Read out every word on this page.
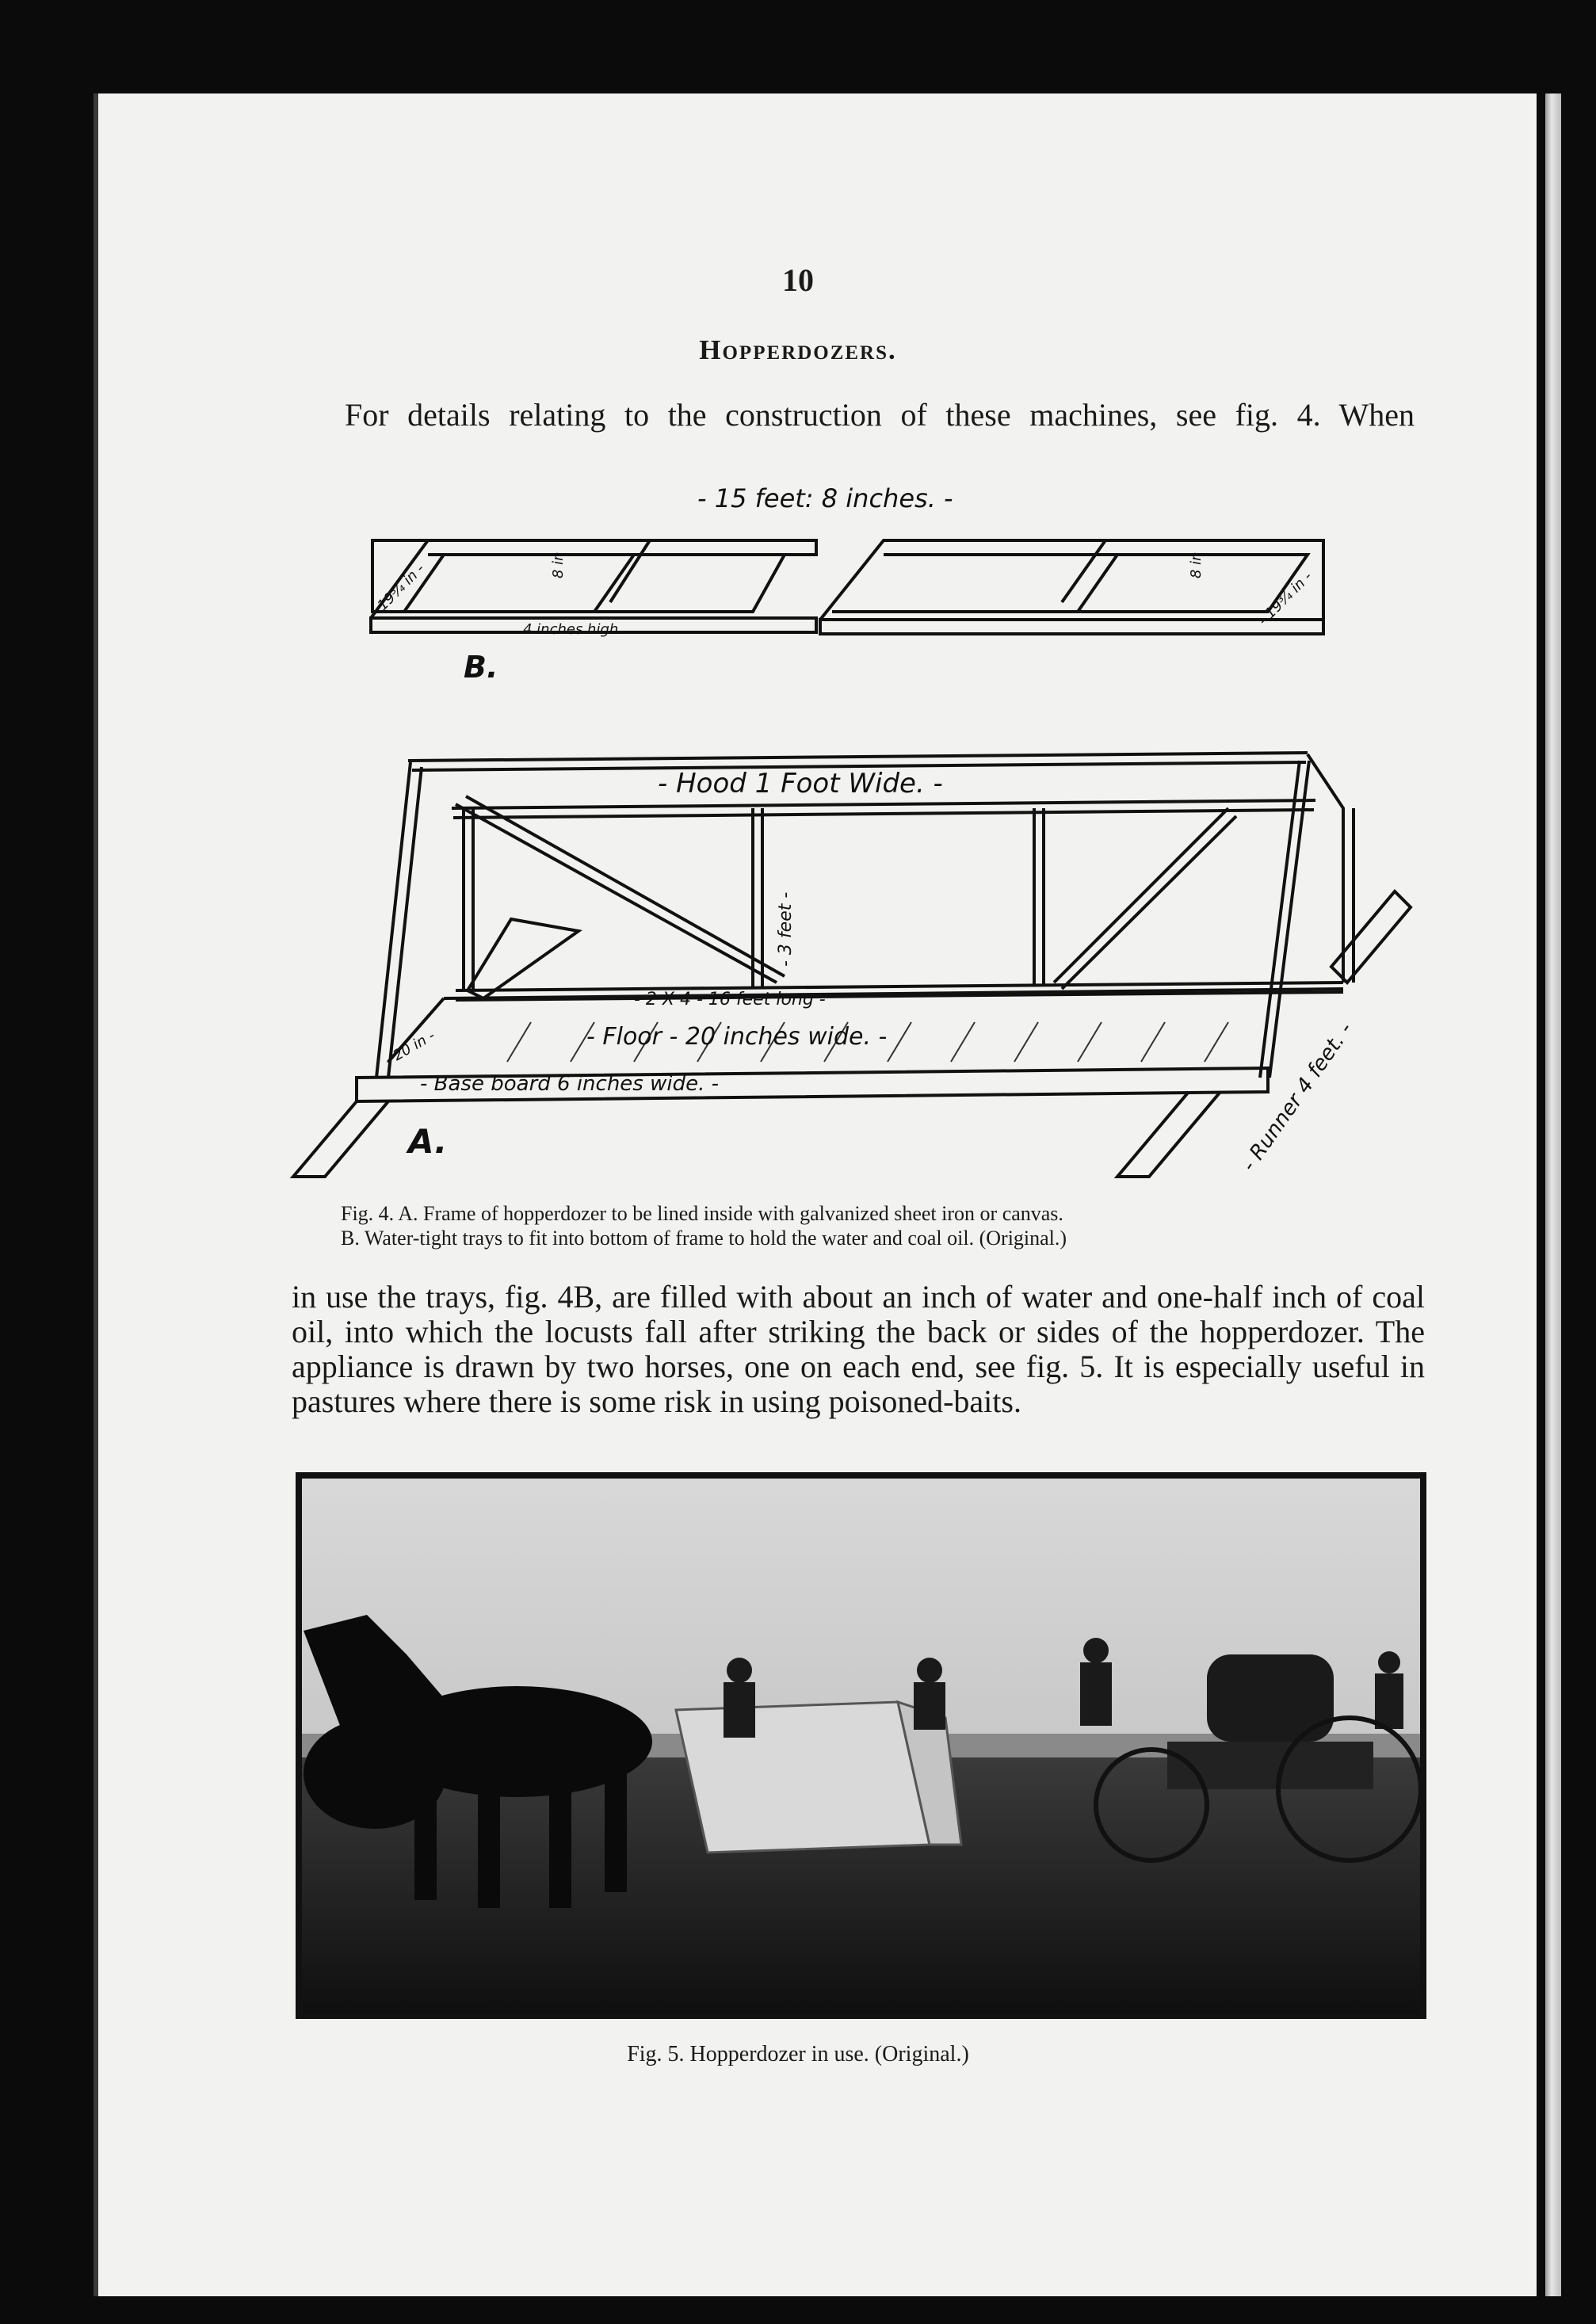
10

Hopperdozers.

For details relating to the construction of these machines, see fig. 4. When

- 15 feet: 8 inches. -
8 in	8 in
- 19¾ in -	- 19¾ in -
4 inches high.
B.
- Hood 1 Foot Wide. -
- 3 feet -
- 2 X 4 - 16 feet long -
- Floor - 20 inches wide. -
- 20 in -
- Base board 6 inches wide. -	- Runner 4 feet. -
A.

Fig. 4. A. Frame of hopperdozer to be lined inside with galvanized sheet iron or canvas.
B. Water-tight trays to fit into bottom of frame to hold the water and coal oil. (Original.)

in use the trays, fig. 4B, are filled with about an inch of water and one-half inch of coal oil, into which the locusts fall after striking the back or sides of the hopperdozer. The appliance is drawn by two horses, one on each end, see fig. 5. It is especially useful in pastures where there is some risk in using poisoned-baits.

Fig. 5. Hopperdozer in use. (Original.)
